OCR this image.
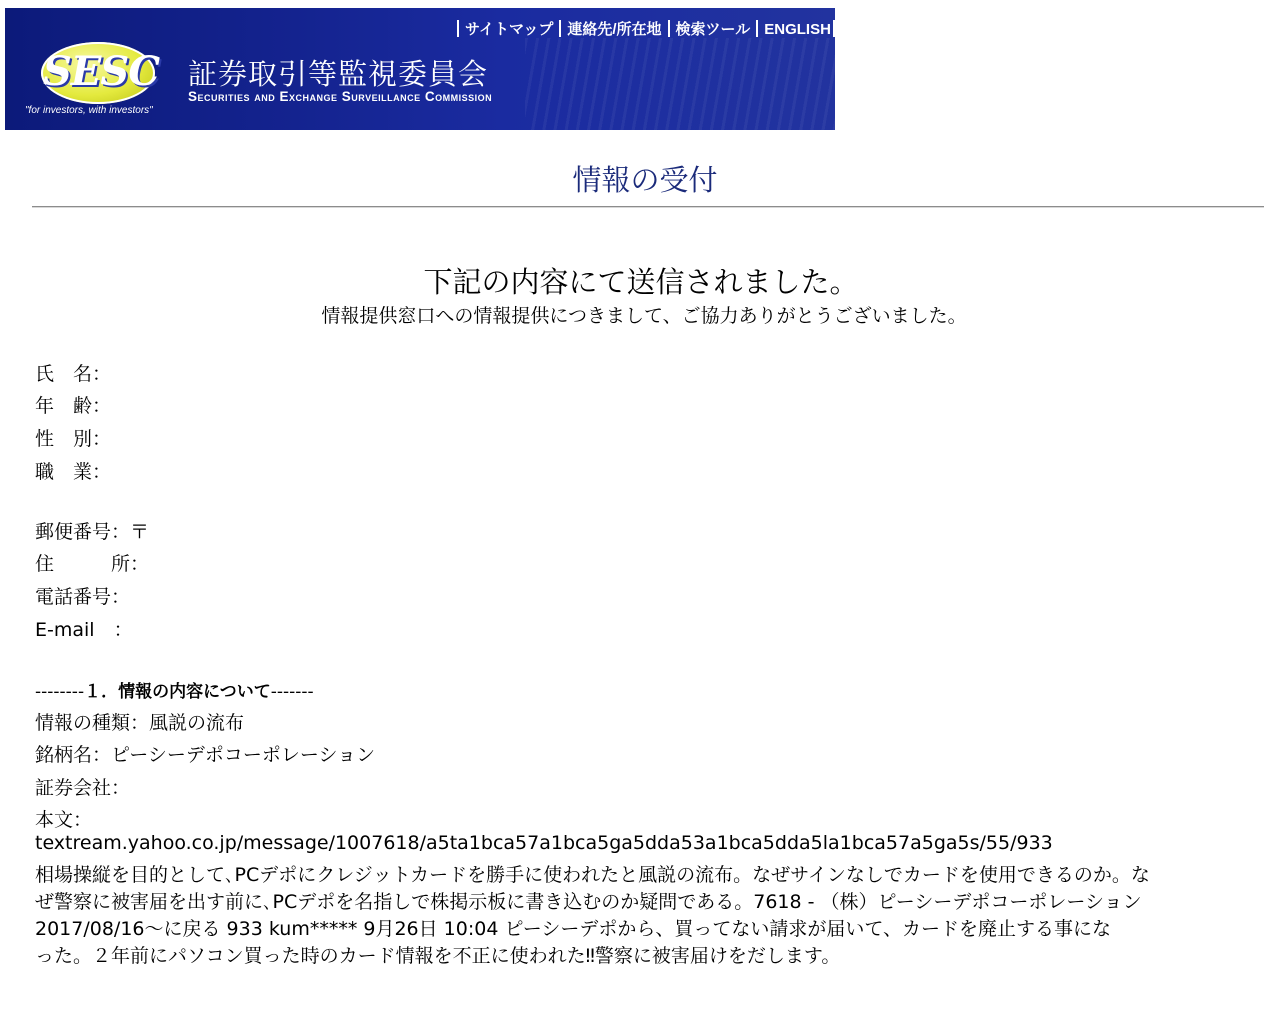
SESC
"for investors, with investors"
証券取引等監視委員会
Securities and Exchange Surveillance Commission
サイトマップ 連絡先/所在地 検索ツール ENGLISH
情報の受付
下記の内容にて送信されました。
情報提供窓口への情報提供につきまして、ご協力ありがとうございました。
氏　名：
年　齢：
性　別：
職　業：
郵便番号：〒
住　　　所：
電話番号：
E-mail　：
--------１．情報の内容について-------
情報の種類：風説の流布
銘柄名：ピーシーデポコーポレーション
証券会社：
本文：
textream.yahoo.co.jp/message/1007618/a5ta1bca57a1bca5ga5dda53a1bca5dda5la1bca57a5ga5s/55/933
相場操縦を目的として､PCデポにクレジットカードを勝手に使われたと風説の流布。なぜサインなしでカードを使用できるのか。な
ぜ警察に被害届を出す前に､PCデポを名指しで株掲示板に書き込むのか疑問である。7618 - （株）ピーシーデポコーポレーション
2017/08/16～に戻る 933 kum***** 9月26日 10:04 ピーシーデポから、買ってない請求が届いて、カードを廃止する事にな
った。２年前にパソコン買った時のカード情報を不正に使われた‼警察に被害届けをだします。
